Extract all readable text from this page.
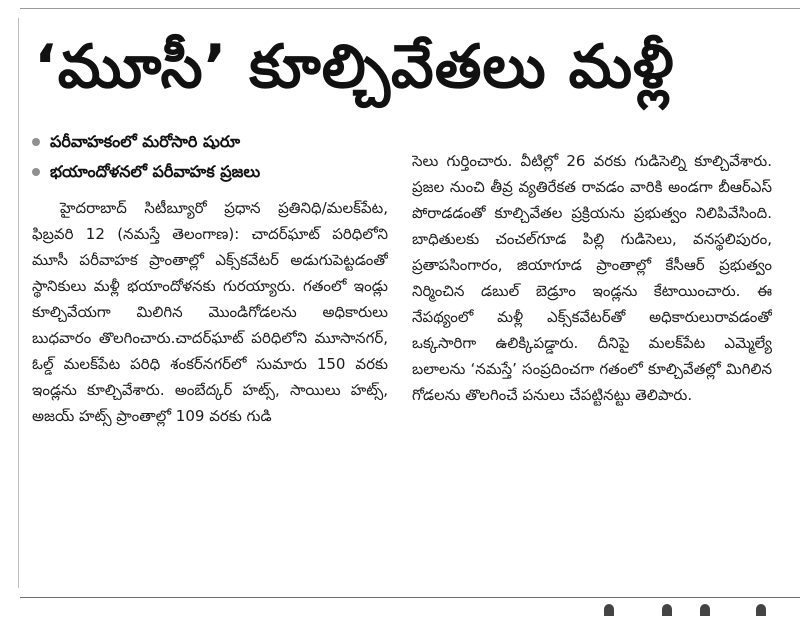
‘మూసీ’ కూల్చివేతలు మళ్లీ
పరీవాహకంలో మరోసారి షురూ
భయాందోళనలో పరీవాహక ప్రజలు

హైదరాబాద్ సిటీబ్యూరో ప్రధాన ప్రతినిధి/మలక్‌పేట, ఫిబ్రవరి 12 (నమస్తే తెలంగాణ): చాదర్‌ఘాట్ పరిధిలోని మూసీ పరీవాహక ప్రాంతాల్లో ఎక్స్‌కవేటర్ అడుగుపెట్టడంతో స్థానికులు మళ్లీ భయాందోళనకు గురయ్యారు. గతంలో ఇండ్లు కూల్చివేయగా మిలిగిన మొండిగోడలను అధికారులు బుధవారం తొలగించారు.చాదర్‌ఘాట్ పరిధిలోని మూసానగర్, ఓల్డ్ మలక్‌పేట పరిధి శంకర్‌నగర్‌లో సుమారు 150 వరకు ఇండ్లను కూల్చివేశారు. అంబేద్కర్ హట్స్, సాయిలు హట్స్, అజయ్ హట్స్ ప్రాంతాల్లో 109 వరకు గుడి

సెలు గుర్తించారు. వీటిల్లో 26 వరకు గుడిసెల్ని కూల్చివేశారు. ప్రజల నుంచి తీవ్ర వ్యతిరేకత రావడం వారికి అండగా బీఆర్‌ఎస్ పోరాడడంతో కూల్చివేతల ప్రక్రియను ప్రభుత్వం నిలిపివేసింది. బాధితులకు చంచల్‌గూడ పిల్లి గుడిసెలు, వనస్థలిపురం, ప్రతాపసింగారం, జియాగూడ ప్రాంతాల్లో కేసీఆర్ ప్రభుత్వం నిర్మించిన డబుల్ బెడ్రూం ఇండ్లను కేటాయించారు. ఈ నేపథ్యంలో మళ్లీ ఎక్స్‌కవేటర్‌తో అధికారులురావడంతో ఒక్కసారిగా ఉలిక్కిపడ్డారు. దీనిపై మలక్‌పేట ఎమ్మెల్యే బలాలను ‘నమస్తే’ సంప్రదించగా గతంలో కూల్చివేతల్లో మిగిలిన గోడలను తొలగించే పనులు చేపట్టినట్టు తెలిపారు.
